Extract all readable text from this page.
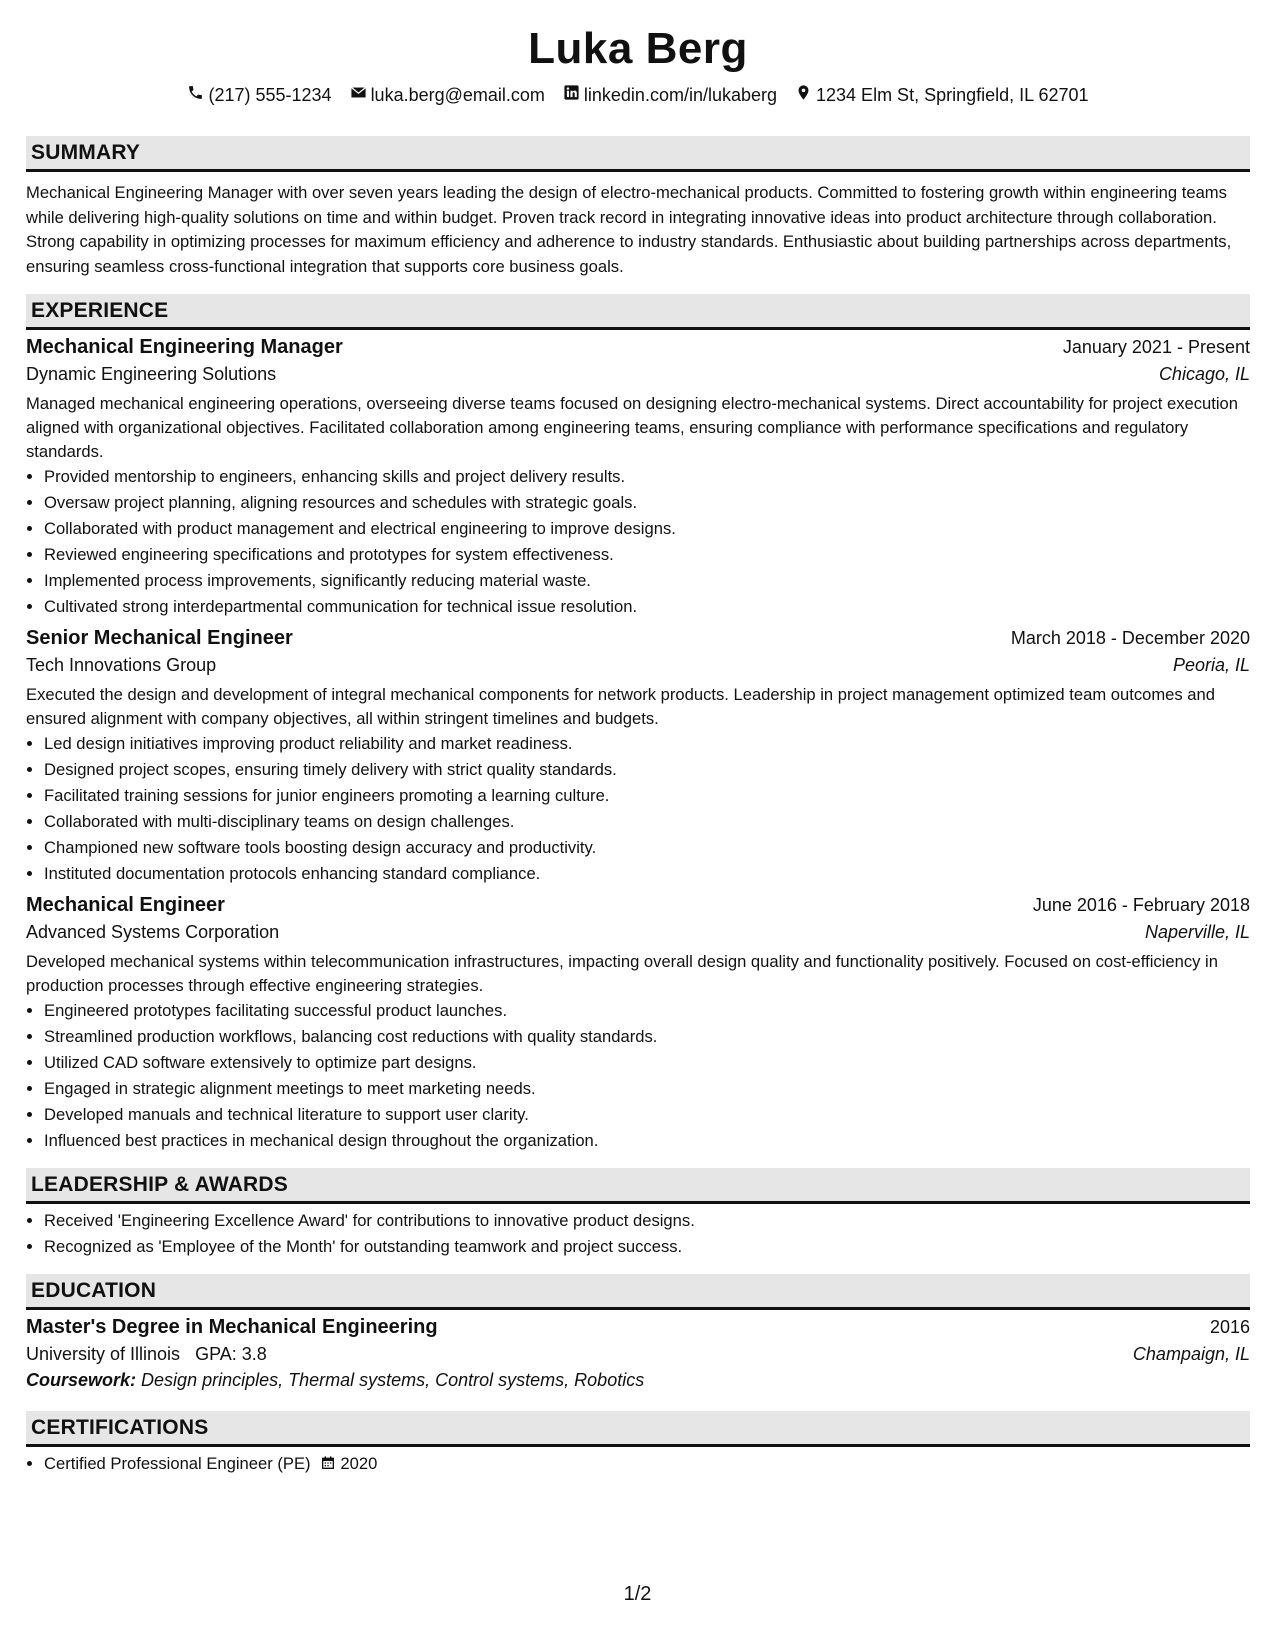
Luka Berg
(217) 555-1234 luka.berg@email.com linkedin.com/in/lukaberg 1234 Elm St, Springfield, IL 62701
SUMMARY
Mechanical Engineering Manager with over seven years leading the design of electro-mechanical products. Committed to fostering growth within engineering teams while delivering high-quality solutions on time and within budget. Proven track record in integrating innovative ideas into product architecture through collaboration. Strong capability in optimizing processes for maximum efficiency and adherence to industry standards. Enthusiastic about building partnerships across departments, ensuring seamless cross-functional integration that supports core business goals.
EXPERIENCE
Mechanical Engineering Manager	January 2021 - Present
Dynamic Engineering Solutions	Chicago, IL
Managed mechanical engineering operations, overseeing diverse teams focused on designing electro-mechanical systems. Direct accountability for project execution aligned with organizational objectives. Facilitated collaboration among engineering teams, ensuring compliance with performance specifications and regulatory standards.
• Provided mentorship to engineers, enhancing skills and project delivery results.
• Oversaw project planning, aligning resources and schedules with strategic goals.
• Collaborated with product management and electrical engineering to improve designs.
• Reviewed engineering specifications and prototypes for system effectiveness.
• Implemented process improvements, significantly reducing material waste.
• Cultivated strong interdepartmental communication for technical issue resolution.
Senior Mechanical Engineer	March 2018 - December 2020
Tech Innovations Group	Peoria, IL
Executed the design and development of integral mechanical components for network products. Leadership in project management optimized team outcomes and ensured alignment with company objectives, all within stringent timelines and budgets.
• Led design initiatives improving product reliability and market readiness.
• Designed project scopes, ensuring timely delivery with strict quality standards.
• Facilitated training sessions for junior engineers promoting a learning culture.
• Collaborated with multi-disciplinary teams on design challenges.
• Championed new software tools boosting design accuracy and productivity.
• Instituted documentation protocols enhancing standard compliance.
Mechanical Engineer	June 2016 - February 2018
Advanced Systems Corporation	Naperville, IL
Developed mechanical systems within telecommunication infrastructures, impacting overall design quality and functionality positively. Focused on cost-efficiency in production processes through effective engineering strategies.
• Engineered prototypes facilitating successful product launches.
• Streamlined production workflows, balancing cost reductions with quality standards.
• Utilized CAD software extensively to optimize part designs.
• Engaged in strategic alignment meetings to meet marketing needs.
• Developed manuals and technical literature to support user clarity.
• Influenced best practices in mechanical design throughout the organization.
LEADERSHIP & AWARDS
• Received 'Engineering Excellence Award' for contributions to innovative product designs.
• Recognized as 'Employee of the Month' for outstanding teamwork and project success.
EDUCATION
Master's Degree in Mechanical Engineering	2016
University of Illinois GPA: 3.8	Champaign, IL
Coursework: Design principles, Thermal systems, Control systems, Robotics
CERTIFICATIONS
• Certified Professional Engineer (PE) 2020
1/2
